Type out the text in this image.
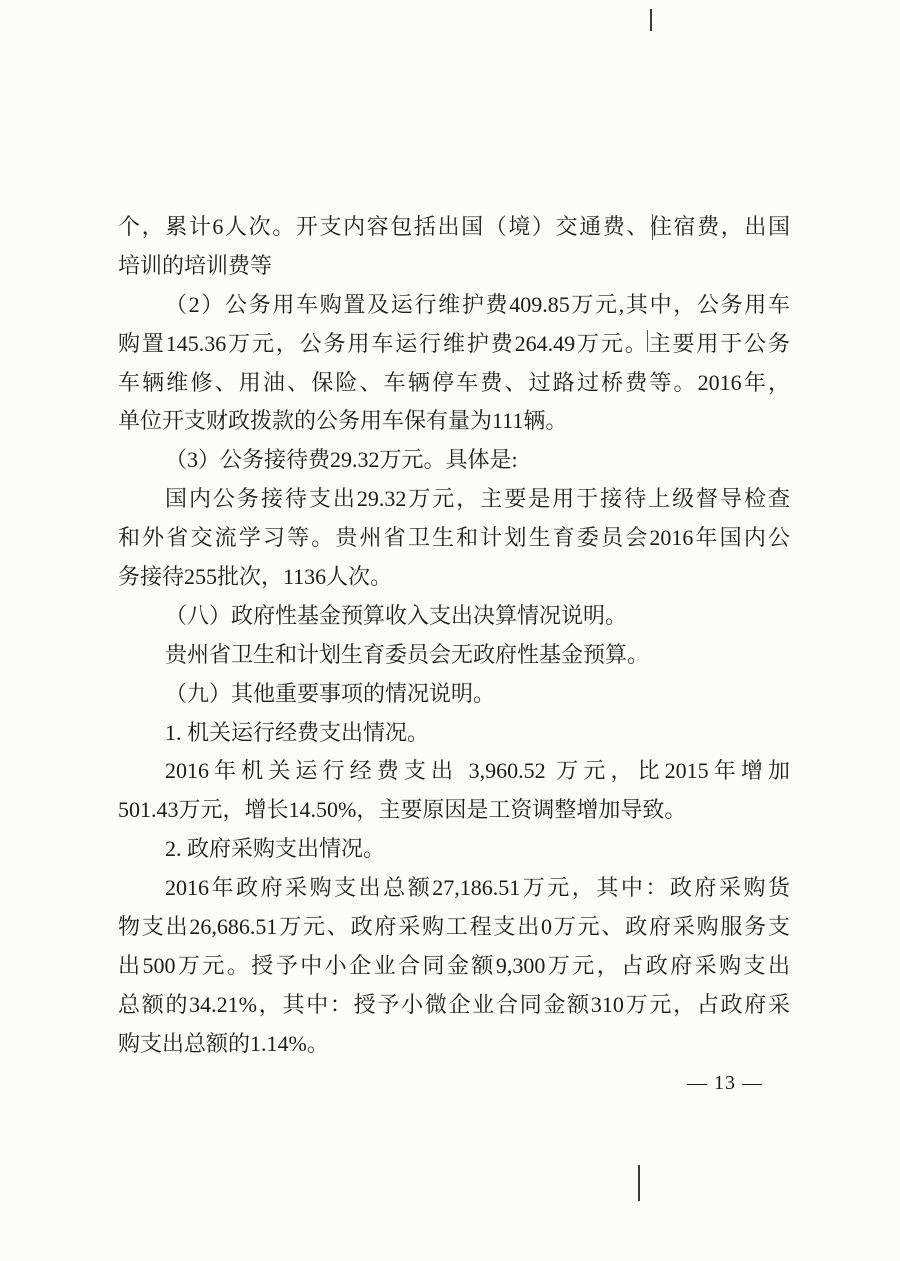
个，累计6人次。开支内容包括出国（境）交通费、住宿费，出国
培训的培训费等
（2）公务用车购置及运行维护费409.85万元,其中，公务用车
购置145.36万元，公务用车运行维护费264.49万元。主要用于公务
车辆维修、用油、保险、车辆停车费、过路过桥费等。2016年，
单位开支财政拨款的公务用车保有量为111辆。
（3）公务接待费29.32万元。具体是:
国内公务接待支出29.32万元，主要是用于接待上级督导检查
和外省交流学习等。贵州省卫生和计划生育委员会2016年国内公
务接待255批次，1136人次。
（八）政府性基金预算收入支出决算情况说明。
贵州省卫生和计划生育委员会无政府性基金预算。
（九）其他重要事项的情况说明。
1. 机关运行经费支出情况。
2016年机关运行经费支出 3,960.52 万元，比2015年增加
501.43万元，增长14.50%，主要原因是工资调整增加导致。
2. 政府采购支出情况。
2016年政府采购支出总额27,186.51万元，其中：政府采购货
物支出26,686.51万元、政府采购工程支出0万元、政府采购服务支
出500万元。授予中小企业合同金额9,300万元，占政府采购支出
总额的34.21%，其中：授予小微企业合同金额310万元，占政府采
购支出总额的1.14%。
— 13 —
